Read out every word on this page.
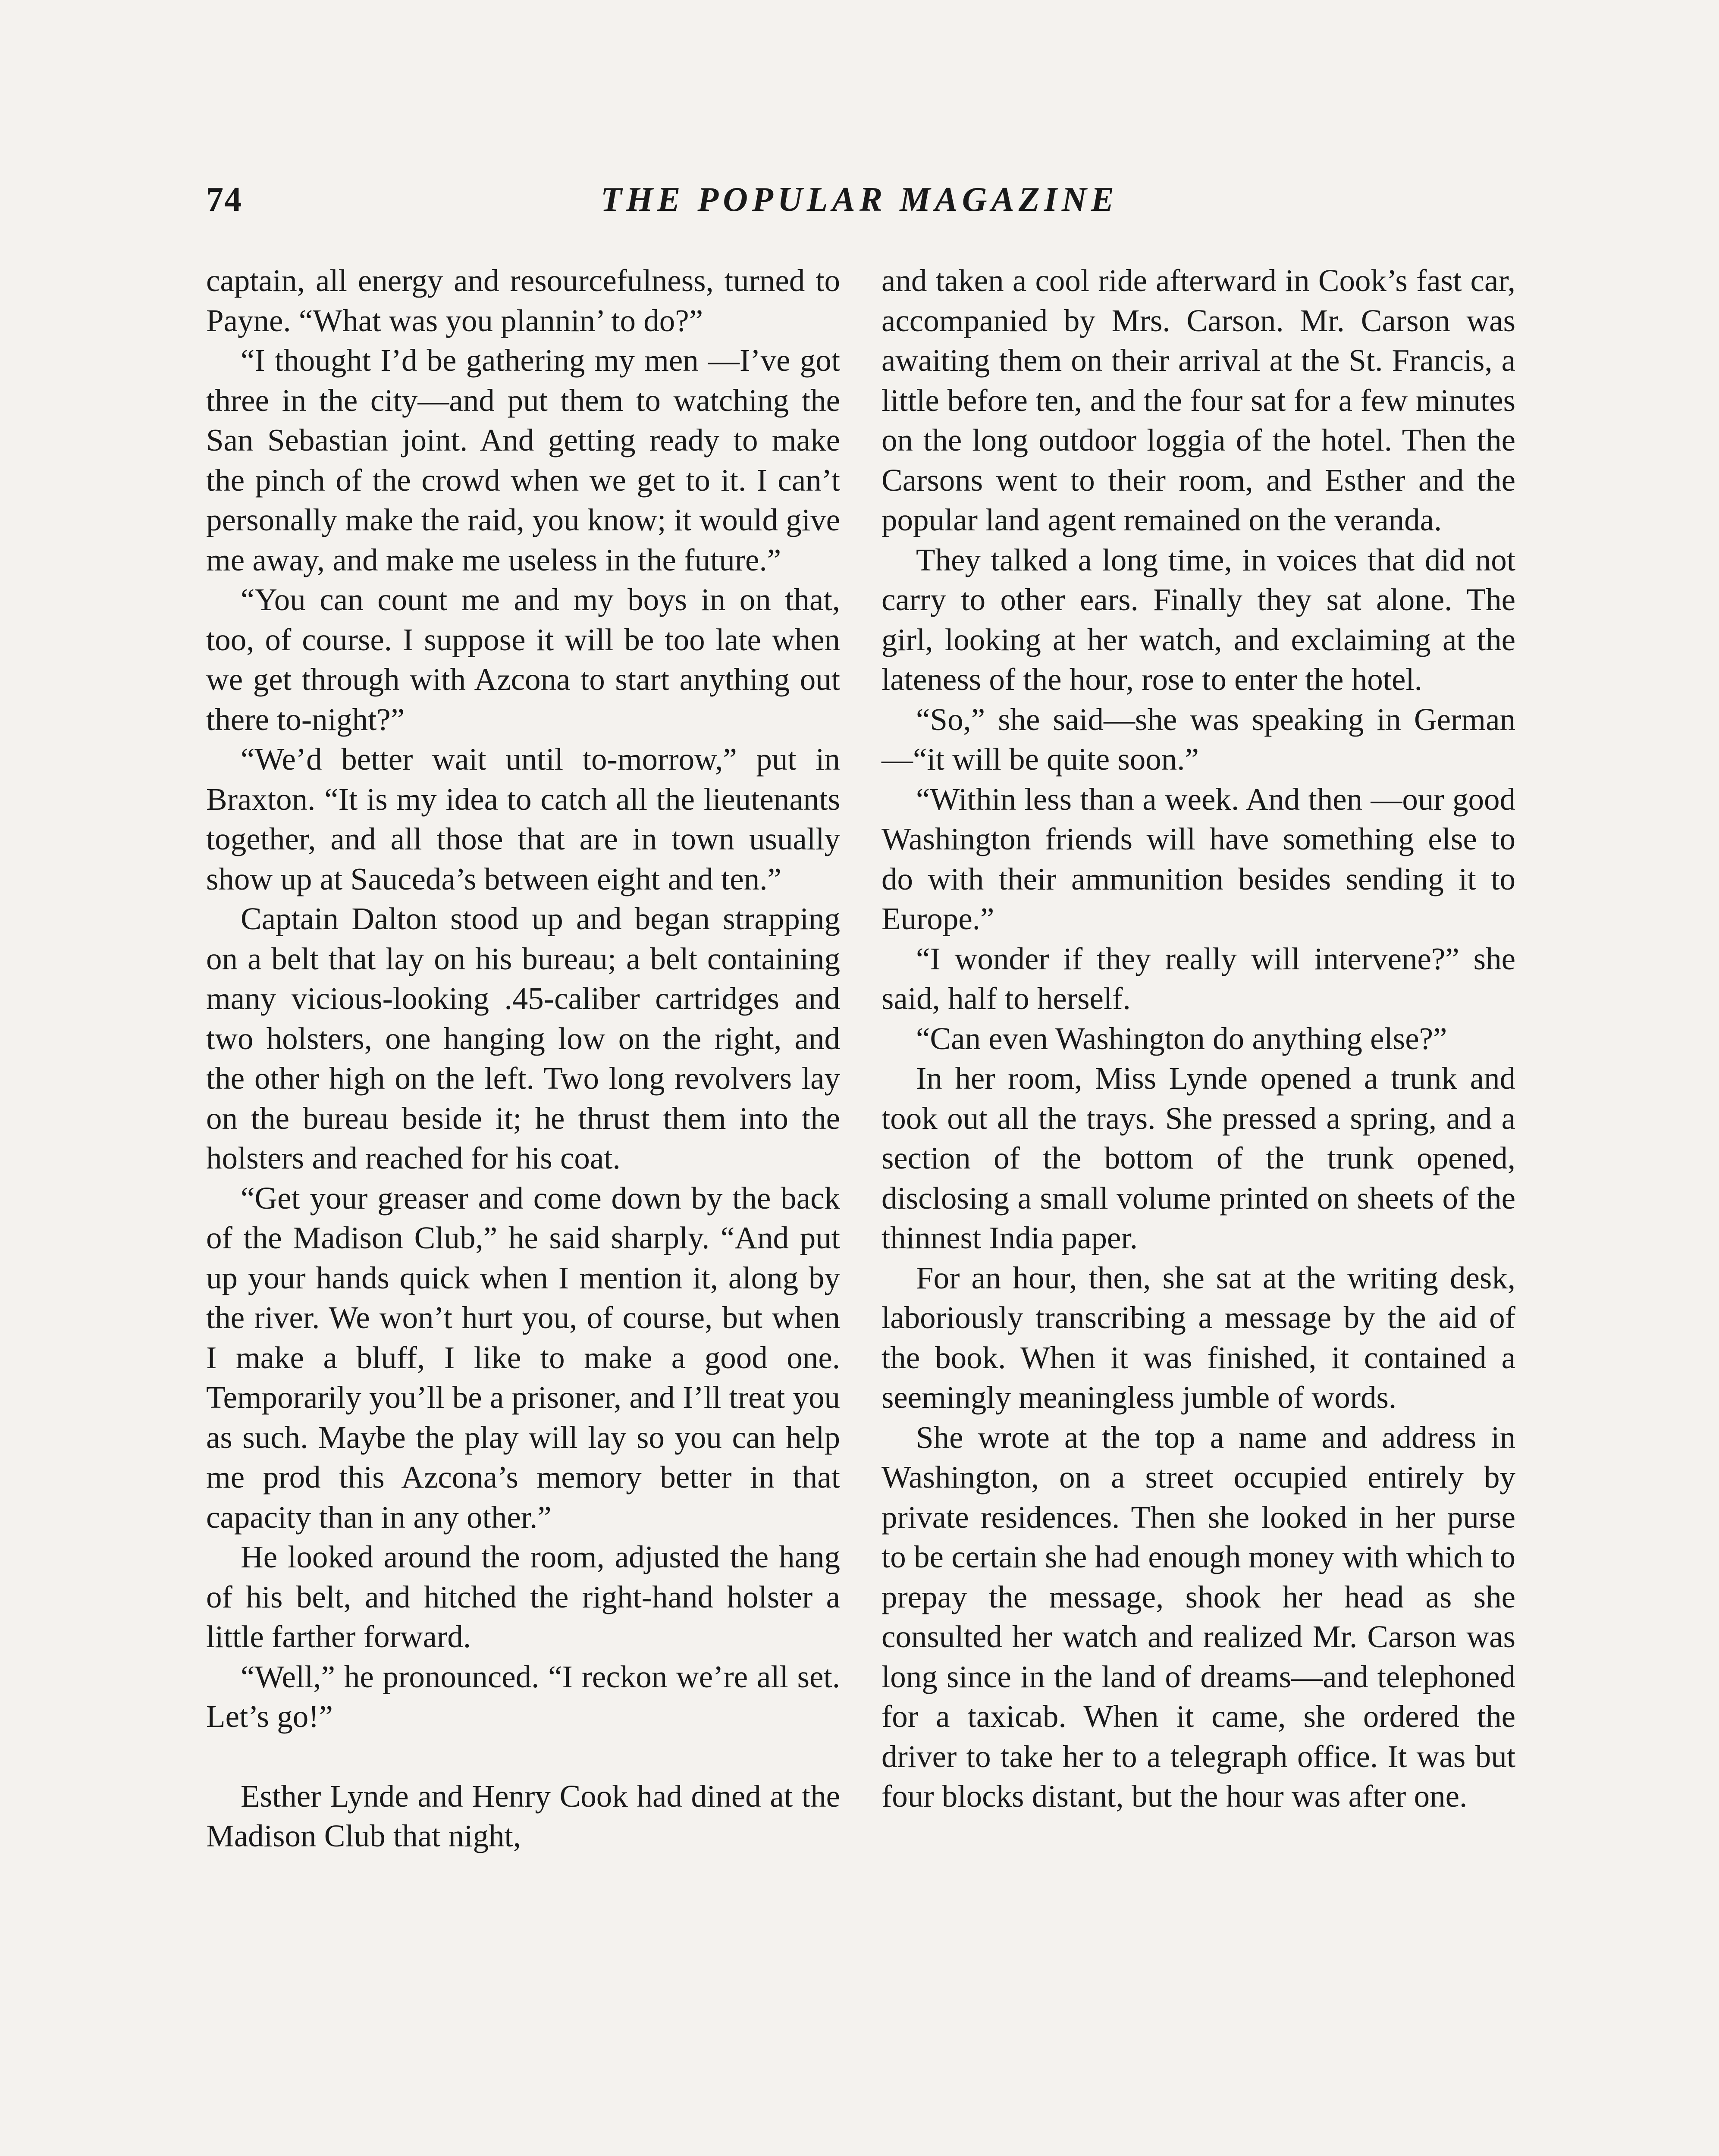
74	THE POPULAR MAGAZINE

captain, all energy and resourcefulness, turned to Payne. “What was you plannin’ to do?”

“I thought I’d be gathering my men —I’ve got three in the city—and put them to watching the San Sebastian joint. And getting ready to make the pinch of the crowd when we get to it. I can’t personally make the raid, you know; it would give me away, and make me useless in the future.”

“You can count me and my boys in on that, too, of course. I suppose it will be too late when we get through with Azcona to start anything out there to-night?”

“We’d better wait until to-morrow,” put in Braxton. “It is my idea to catch all the lieutenants together, and all those that are in town usually show up at Sauceda’s between eight and ten.”

Captain Dalton stood up and began strapping on a belt that lay on his bureau; a belt containing many vicious-looking .45-caliber cartridges and two holsters, one hanging low on the right, and the other high on the left. Two long revolvers lay on the bureau beside it; he thrust them into the holsters and reached for his coat.

“Get your greaser and come down by the back of the Madison Club,” he said sharply. “And put up your hands quick when I mention it, along by the river. We won’t hurt you, of course, but when I make a bluff, I like to make a good one. Temporarily you’ll be a prisoner, and I’ll treat you as such. Maybe the play will lay so you can help me prod this Azcona’s memory better in that capacity than in any other.”

He looked around the room, adjusted the hang of his belt, and hitched the right-hand holster a little farther forward.

“Well,” he pronounced. “I reckon we’re all set. Let’s go!”

Esther Lynde and Henry Cook had dined at the Madison Club that night,

and taken a cool ride afterward in Cook’s fast car, accompanied by Mrs. Carson. Mr. Carson was awaiting them on their arrival at the St. Francis, a little before ten, and the four sat for a few minutes on the long outdoor loggia of the hotel. Then the Carsons went to their room, and Esther and the popular land agent remained on the veranda.

They talked a long time, in voices that did not carry to other ears. Finally they sat alone. The girl, looking at her watch, and exclaiming at the lateness of the hour, rose to enter the hotel.

“So,” she said—she was speaking in German—“it will be quite soon.”

“Within less than a week. And then —our good Washington friends will have something else to do with their ammunition besides sending it to Europe.”

“I wonder if they really will intervene?” she said, half to herself.

“Can even Washington do anything else?”

In her room, Miss Lynde opened a trunk and took out all the trays. She pressed a spring, and a section of the bottom of the trunk opened, disclosing a small volume printed on sheets of the thinnest India paper.

For an hour, then, she sat at the writing desk, laboriously transcribing a message by the aid of the book. When it was finished, it contained a seemingly meaningless jumble of words.

She wrote at the top a name and address in Washington, on a street occupied entirely by private residences. Then she looked in her purse to be certain she had enough money with which to prepay the message, shook her head as she consulted her watch and realized Mr. Carson was long since in the land of dreams—and telephoned for a taxicab. When it came, she ordered the driver to take her to a telegraph office. It was but four blocks distant, but the hour was after one.
